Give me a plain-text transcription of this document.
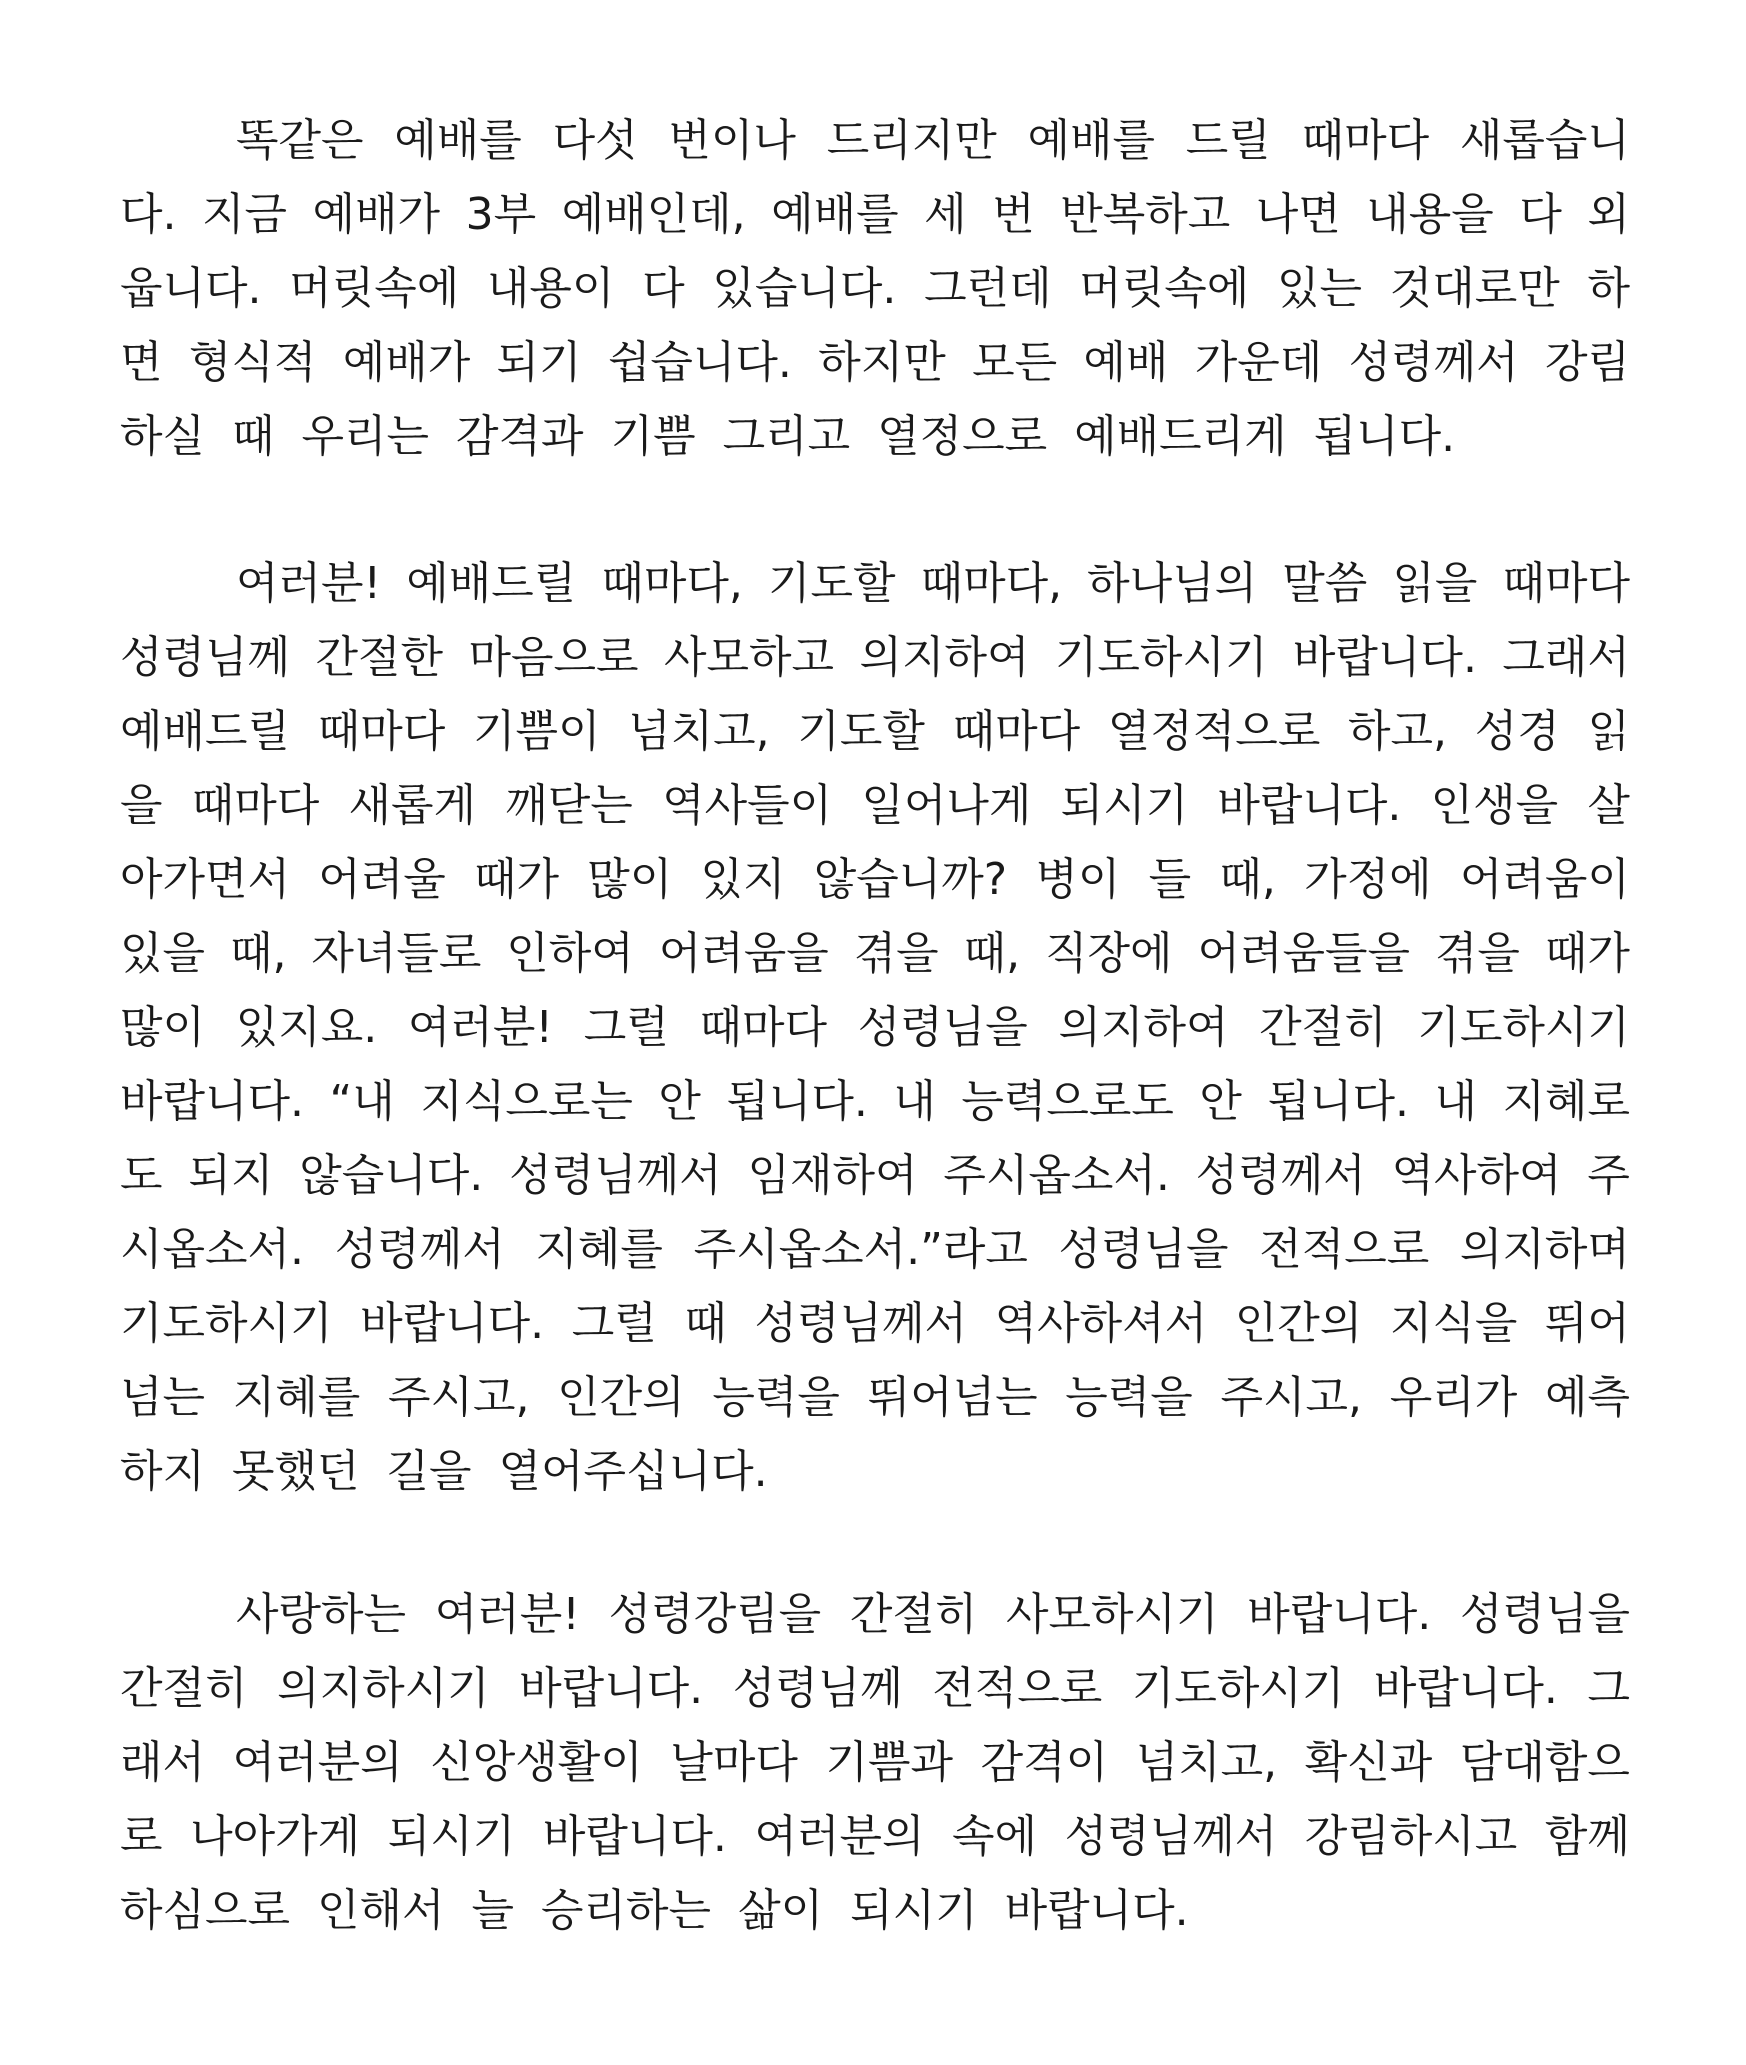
똑같은 예배를 다섯 번이나 드리지만 예배를 드릴 때마다 새롭습니
다. 지금 예배가 3부 예배인데, 예배를 세 번 반복하고 나면 내용을 다 외
웁니다. 머릿속에 내용이 다 있습니다. 그런데 머릿속에 있는 것대로만 하
면 형식적 예배가 되기 쉽습니다. 하지만 모든 예배 가운데 성령께서 강림
하실 때 우리는 감격과 기쁨 그리고 열정으로 예배드리게 됩니다.
여러분! 예배드릴 때마다, 기도할 때마다, 하나님의 말씀 읽을 때마다
성령님께 간절한 마음으로 사모하고 의지하여 기도하시기 바랍니다. 그래서
예배드릴 때마다 기쁨이 넘치고, 기도할 때마다 열정적으로 하고, 성경 읽
을 때마다 새롭게 깨닫는 역사들이 일어나게 되시기 바랍니다. 인생을 살
아가면서 어려울 때가 많이 있지 않습니까? 병이 들 때, 가정에 어려움이
있을 때, 자녀들로 인하여 어려움을 겪을 때, 직장에 어려움들을 겪을 때가
많이 있지요. 여러분! 그럴 때마다 성령님을 의지하여 간절히 기도하시기
바랍니다. “내 지식으로는 안 됩니다. 내 능력으로도 안 됩니다. 내 지혜로
도 되지 않습니다. 성령님께서 임재하여 주시옵소서. 성령께서 역사하여 주
시옵소서. 성령께서 지혜를 주시옵소서.”라고 성령님을 전적으로 의지하며
기도하시기 바랍니다. 그럴 때 성령님께서 역사하셔서 인간의 지식을 뛰어
넘는 지혜를 주시고, 인간의 능력을 뛰어넘는 능력을 주시고, 우리가 예측
하지 못했던 길을 열어주십니다.
사랑하는 여러분! 성령강림을 간절히 사모하시기 바랍니다. 성령님을
간절히 의지하시기 바랍니다. 성령님께 전적으로 기도하시기 바랍니다. 그
래서 여러분의 신앙생활이 날마다 기쁨과 감격이 넘치고, 확신과 담대함으
로 나아가게 되시기 바랍니다. 여러분의 속에 성령님께서 강림하시고 함께
하심으로 인해서 늘 승리하는 삶이 되시기 바랍니다.
